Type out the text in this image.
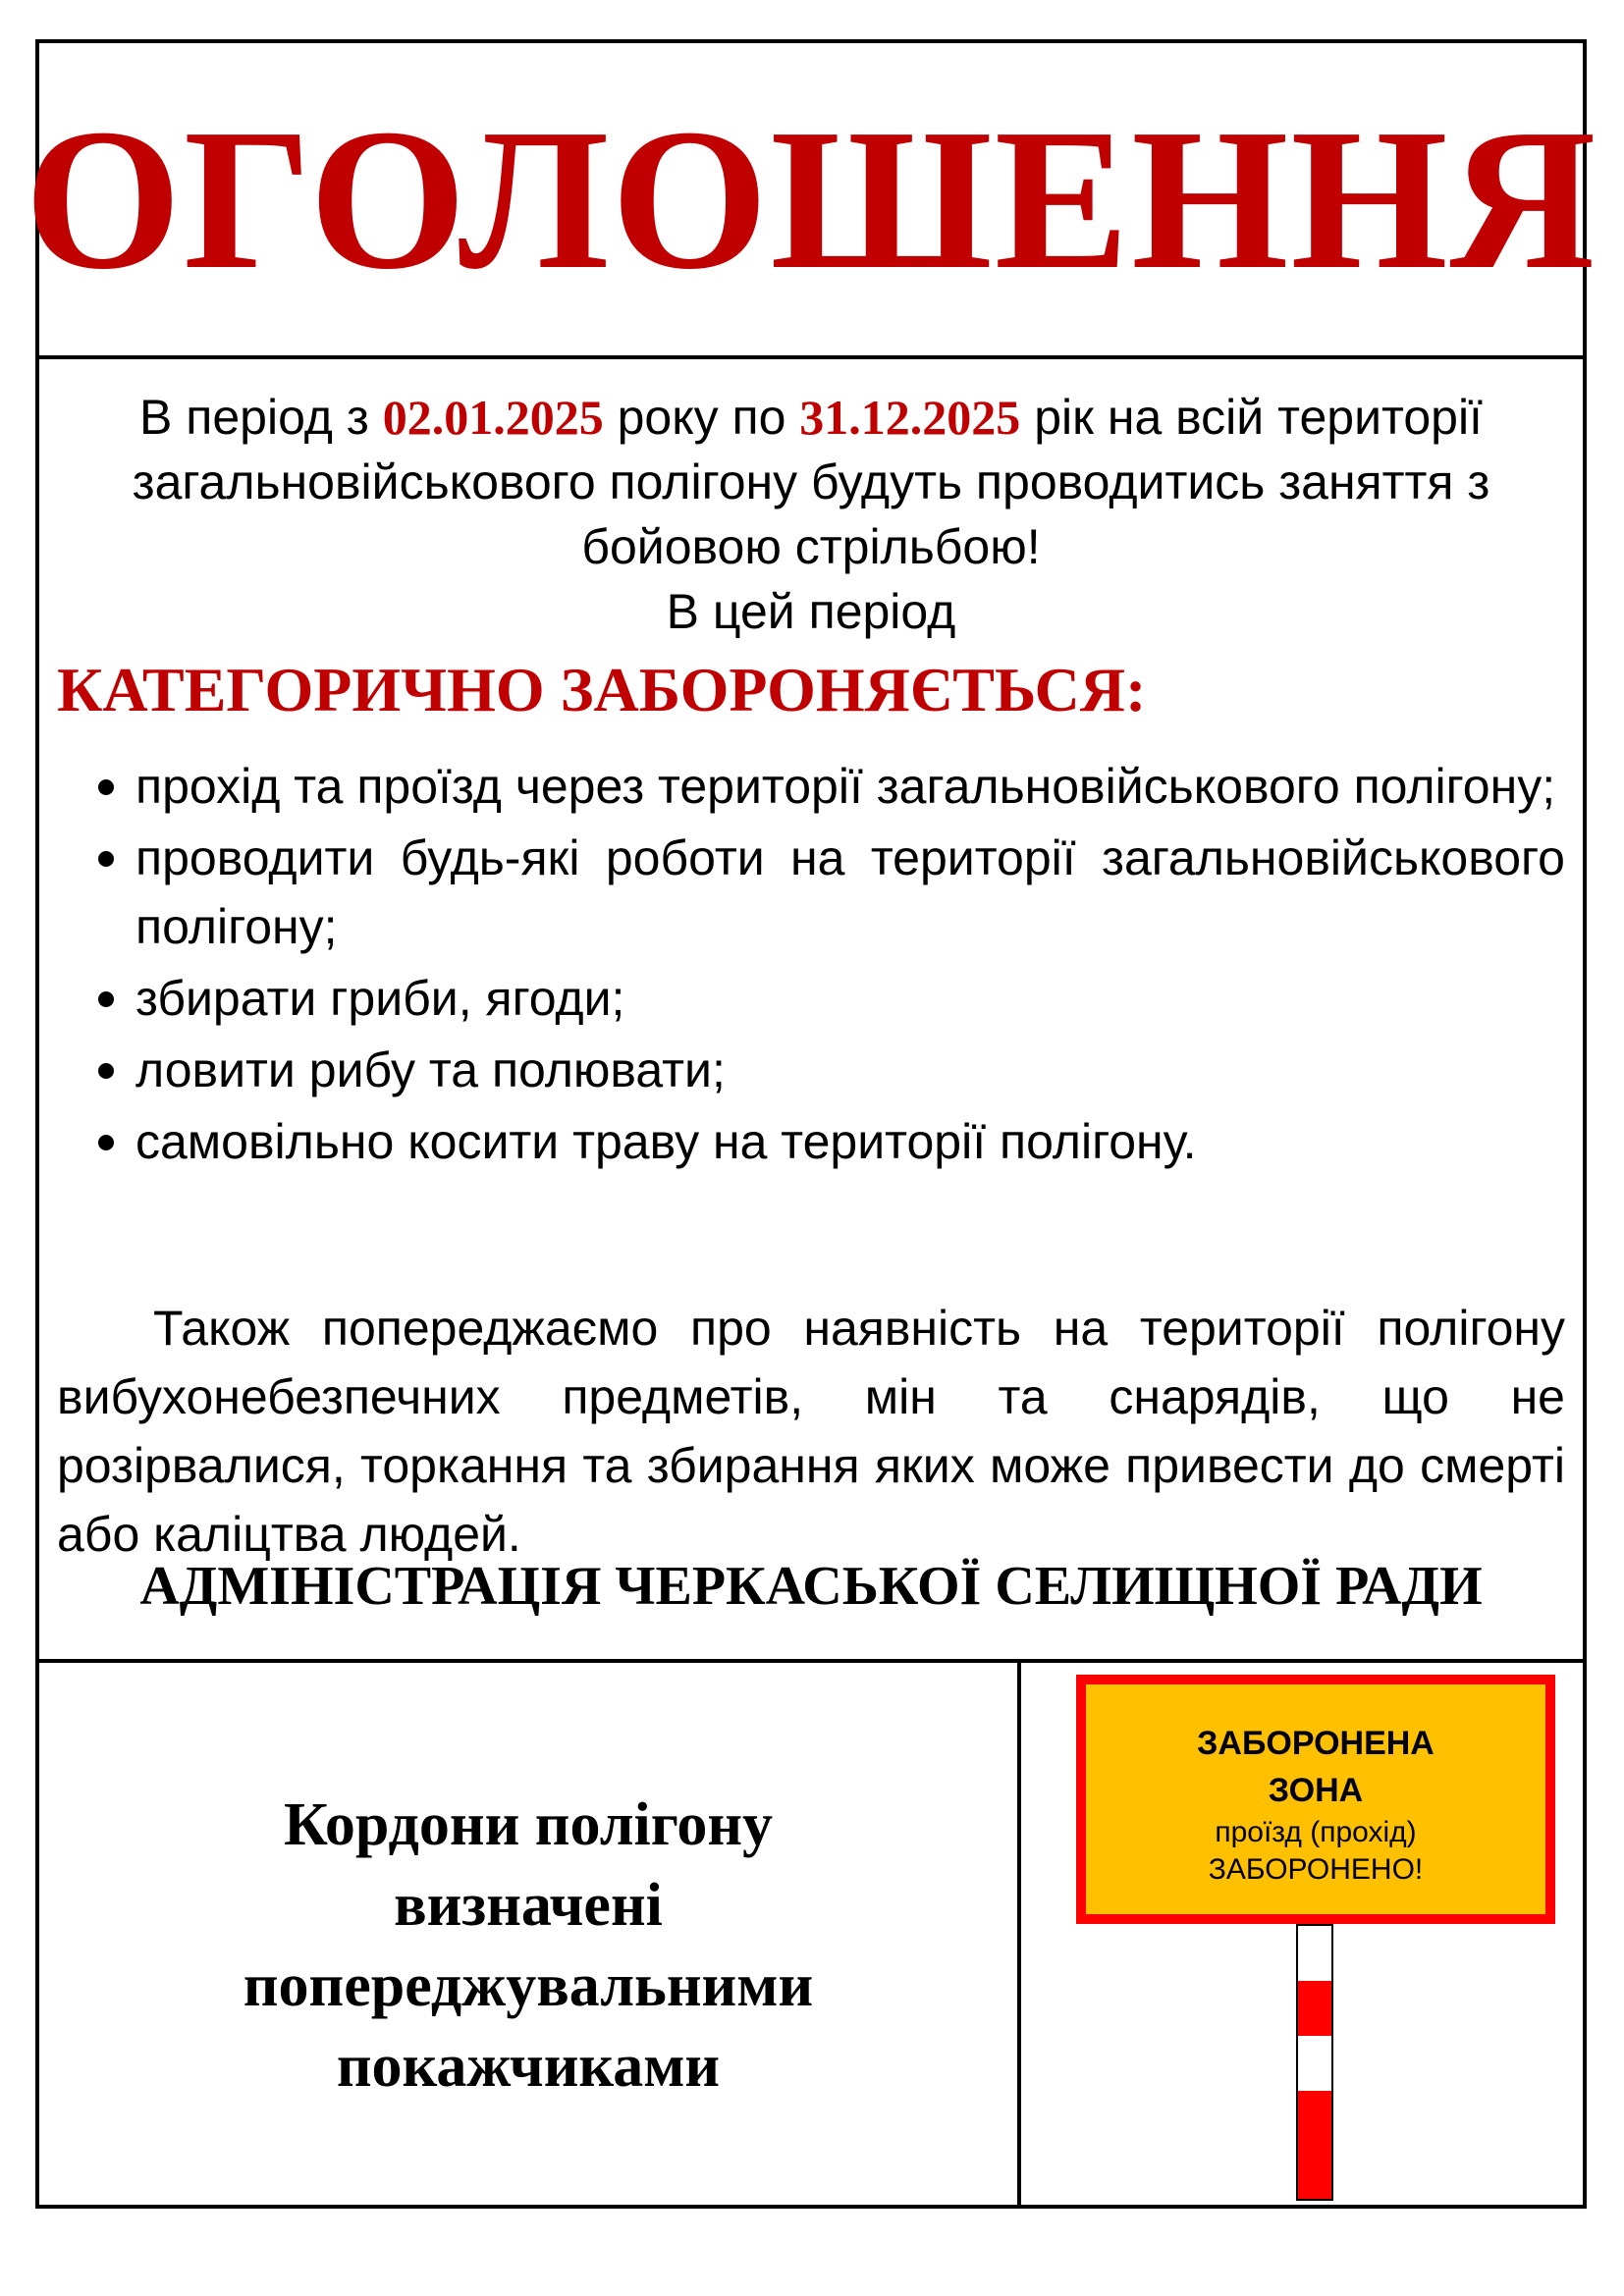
ОГОЛОШЕННЯ
В період з 02.01.2025 року по 31.12.2025 рік на всій території загальновійськового полігону будуть проводитись заняття з бойовою стрільбою!
В цей період
КАТЕГОРИЧНО ЗАБОРОНЯЄТЬСЯ:
прохід та проїзд через території загальновійськового полігону;
проводити будь-які роботи на території загальновійськового полігону;
збирати гриби, ягоди;
ловити рибу та полювати;
самовільно косити траву на території полігону.
Також попереджаємо про наявність на території полігону вибухонебезпечних предметів, мін та снарядів, що не розірвалися, торкання та збирання яких може привести до смерті або каліцтва людей.
АДМІНІСТРАЦІЯ ЧЕРКАСЬКОЇ СЕЛИЩНОЇ РАДИ
Кордони полігону визначені попереджувальними покажчиками
ЗАБОРОНЕНА
ЗОНА
проїзд (прохід)
ЗАБОРОНЕНО!
